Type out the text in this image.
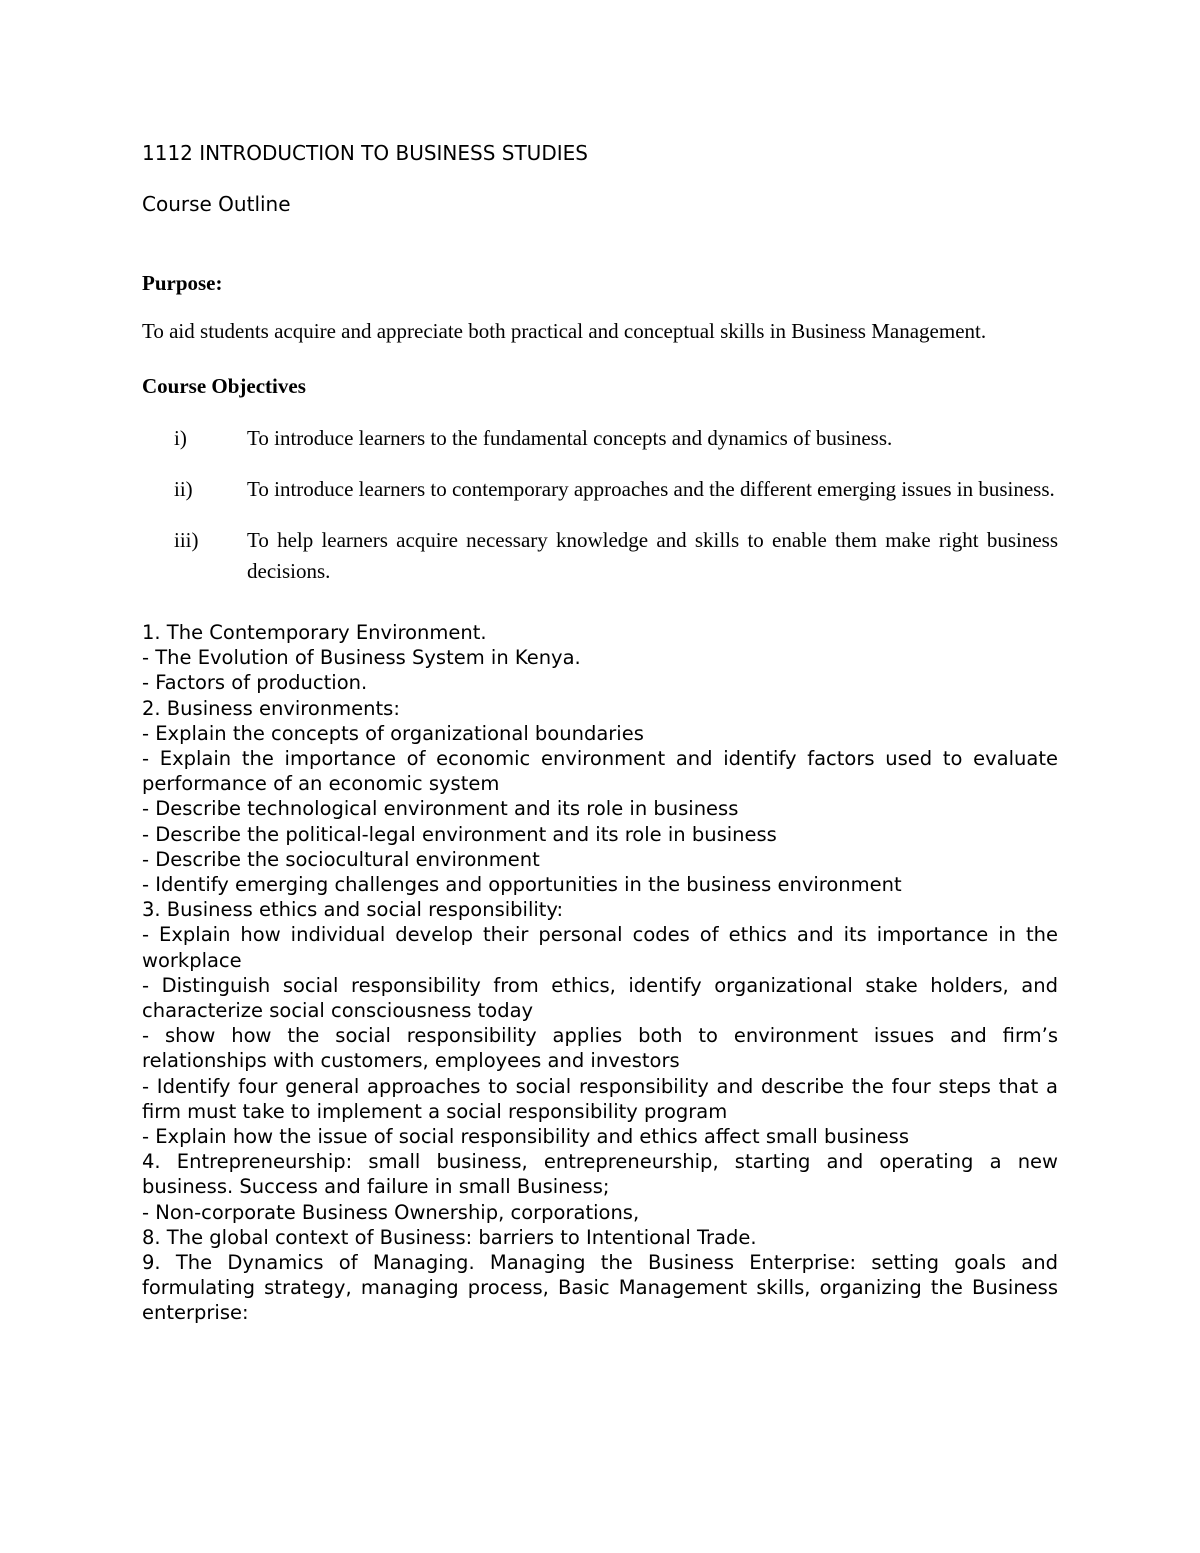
1112 INTRODUCTION TO BUSINESS STUDIES
Course Outline
Purpose:

To aid students acquire and appreciate both practical and conceptual skills in Business Management.

Course Objectives
i)	To introduce learners to the fundamental concepts and dynamics of business.
ii)	To introduce learners to contemporary approaches and the different emerging issues in business.
iii)	To help learners acquire necessary knowledge and skills to enable them make right business decisions.

1. The Contemporary Environment.

- The Evolution of Business System in Kenya.

- Factors of production.

2. Business environments:

- Explain the concepts of organizational boundaries

- Explain the importance of economic environment and identify factors used to evaluate performance of an economic system

- Describe technological environment and its role in business

- Describe the political-legal environment and its role in business

- Describe the sociocultural environment

- Identify emerging challenges and opportunities in the business environment

3. Business ethics and social responsibility:

- Explain how individual develop their personal codes of ethics and its importance in the workplace

- Distinguish social responsibility from ethics, identify organizational stake holders, and characterize social consciousness today

- show how the social responsibility applies both to environment issues and firm’s relationships with customers, employees and investors

- Identify four general approaches to social responsibility and describe the four steps that a firm must take to implement a social responsibility program

- Explain how the issue of social responsibility and ethics affect small business

4. Entrepreneurship: small business, entrepreneurship, starting and operating a new business. Success and failure in small Business;

- Non-corporate Business Ownership, corporations,

8. The global context of Business: barriers to Intentional Trade.

9. The Dynamics of Managing. Managing the Business Enterprise: setting goals and formulating strategy, managing process, Basic Management skills, organizing the Business enterprise:
